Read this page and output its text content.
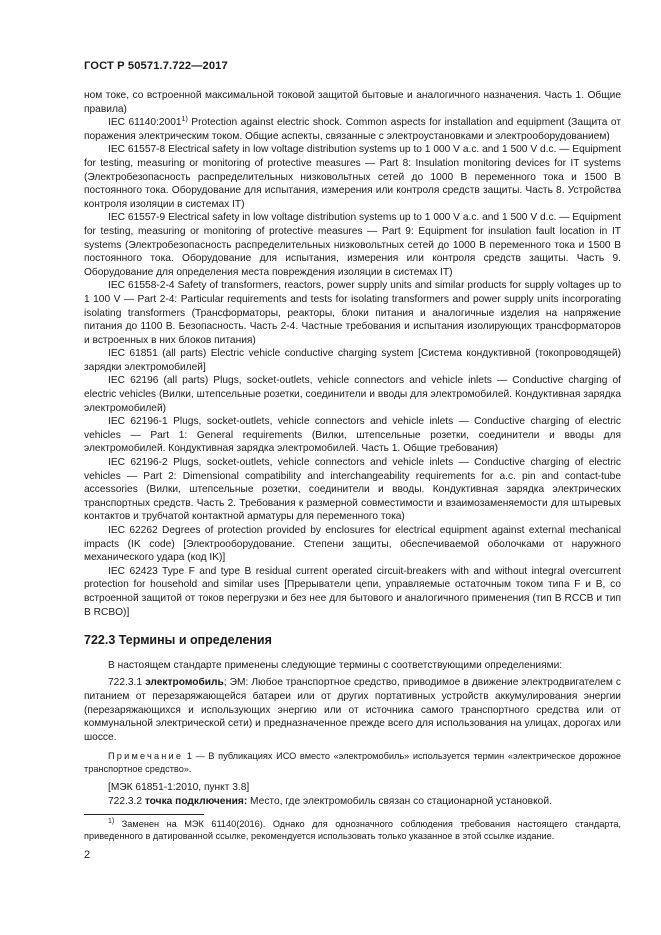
ГОСТ Р 50571.7.722—2017

ном токе, со встроенной максимальной токовой защитой бытовые и аналогичного назначения. Часть 1. Общие правила)

IEC 61140:2001$^{1)}$ Protection against electric shock. Common aspects for installation and equipment (Защита от поражения электрическим током. Общие аспекты, связанные с электроустановками и электрооборудованием)

IEC 61557-8 Electrical safety in low voltage distribution systems up to 1 000 V a.c. and 1 500 V d.c. — Equipment for testing, measuring or monitoring of protective measures — Part 8: Insulation monitoring devices for IT systems (Электробезопасность распределительных низковольтных сетей до 1000 В переменного тока и 1500 В постоянного тока. Оборудование для испытания, измерения или контроля средств защиты. Часть 8. Устройства контроля изоляции в системах IT)

IEC 61557-9 Electrical safety in low voltage distribution systems up to 1 000 V a.c. and 1 500 V d.c. — Equipment for testing, measuring or monitoring of protective measures — Part 9: Equipment for insulation fault location in IT systems (Электробезопасность распределительных низковольтных сетей до 1000 В переменного тока и 1500 В постоянного тока. Оборудование для испытания, измерения или контроля средств защиты. Часть 9. Оборудование для определения места повреждения изоляции в системах IT)

IEC 61558-2-4 Safety of transformers, reactors, power supply units and similar products for supply voltages up to 1 100 V — Part 2-4: Particular requirements and tests for isolating transformers and power supply units incorporating isolating transformers (Трансформаторы, реакторы, блоки питания и аналогичные изделия на напряжение питания до 1100 В. Безопасность. Часть 2-4. Частные требования и испытания изолирующих трансформаторов и встроенных в них блоков питания)

IEC 61851 (all parts) Electric vehicle conductive charging system [Система кондуктивной (токопроводящей) зарядки электромобилей]

IEC 62196 (all parts) Plugs, socket-outlets, vehicle connectors and vehicle inlets — Conductive charging of electric vehicles (Вилки, штепсельные розетки, соединители и вводы для электромобилей. Кондуктивная зарядка электромобилей)

IEC 62196-1 Plugs, socket-outlets, vehicle connectors and vehicle inlets — Conductive charging of electric vehicles — Part 1: General requirements (Вилки, штепсельные розетки, соединители и вводы для электромобилей. Кондуктивная зарядка электромобилей. Часть 1. Общие требования)

IEC 62196-2 Plugs, socket-outlets, vehicle connectors and vehicle inlets — Conductive charging of electric vehicles — Part 2: Dimensional compatibility and interchangeability requirements for a.c. pin and contact-tube accessories (Вилки, штепсельные розетки, соединители и вводы. Кондуктивная зарядка электрических транспортных средств. Часть 2. Требования к размерной совместимости и взаимозаменяемости для штыревых контактов и трубчатой контактной арматуры для переменного тока)

IEC 62262 Degrees of protection provided by enclosures for electrical equipment against external mechanical impacts (IK code) [Электрооборудование. Степени защиты, обеспечиваемой оболочками от наружного механического удара (код IK)]

IEC 62423 Type F and type B residual current operated circuit-breakers with and without integral overcurrent protection for household and similar uses [Прерыватели цепи, управляемые остаточным током типа F и B, со встроенной защитой от токов перегрузки и без нее для бытового и аналогичного применения (тип B RCCB и тип B RCBO)]

722.3 Термины и определения

В настоящем стандарте применены следующие термины с соответствующими определениями:

722.3.1 электромобиль; ЭМ: Любое транспортное средство, приводимое в движение электродвигателем с питанием от перезаряжающейся батареи или от других портативных устройств аккумулирования энергии (перезаряжающихся и использующих энергию или от источника самого транспортного средства или от коммунальной электрической сети) и предназначенное прежде всего для использования на улицах, дорогах или шоссе.

Примечание 1 — В публикациях ИСО вместо «электромобиль» используется термин «электрическое дорожное транспортное средство».

[МЭК 61851-1:2010, пункт 3.8]

722.3.2 точка подключения: Место, где электромобиль связан со стационарной установкой.

$^{1)}$ Заменен на МЭК 61140(2016). Однако для однозначного соблюдения требования настоящего стандарта, приведенного в датированной ссылке, рекомендуется использовать только указанное в этой ссылке издание.
2
